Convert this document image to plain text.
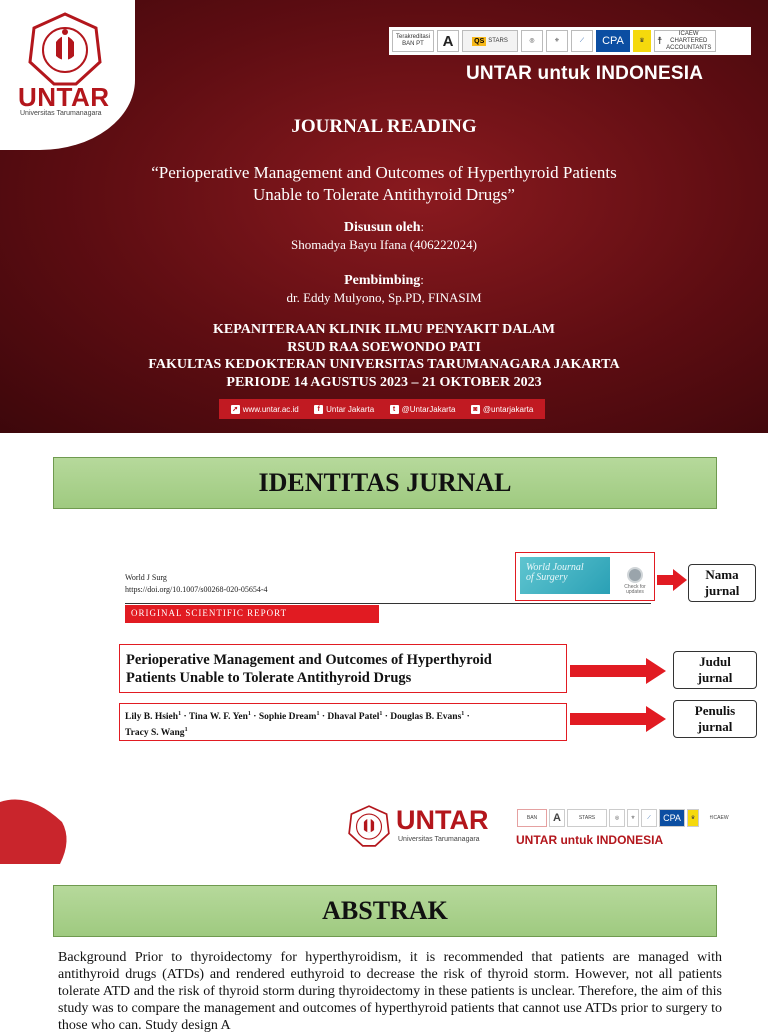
UNTAR
Universitas Tarumanagara
Terakreditasi BAN PT	A	QS STARS	◎	⚜	⟋	CPA	♛	☨
ICAEW CHARTERED ACCOUNTANTS
UNTAR untuk INDONESIA
JOURNAL READING
“Perioperative Management and Outcomes of Hyperthyroid Patients
Unable to Tolerate Antithyroid Drugs”
Disusun oleh:
Shomadya Bayu Ifana (406222024)
Pembimbing:
dr. Eddy Mulyono, Sp.PD, FINASIM
KEPANITERAAN KLINIK ILMU PENYAKIT DALAM
RSUD RAA SOEWONDO PATI
FAKULTAS KEDOKTERAN UNIVERSITAS TARUMANAGARA JAKARTA
PERIODE 14 AGUSTUS 2023 – 21 OKTOBER 2023
➚ www.untar.ac.id	f Untar Jakarta	t @UntarJakarta	◙ @untarjakarta
IDENTITAS JURNAL
World J Surg
https://doi.org/10.1007/s00268-020-05654-4
ORIGINAL SCIENTIFIC REPORT
World Journal
of Surgery
Check for updates
Perioperative Management and Outcomes of Hyperthyroid
Patients Unable to Tolerate Antithyroid Drugs
Lily B. Hsieh$^1$ · Tina W. F. Yen$^1$ · Sophie Dream$^1$ · Dhaval Patel$^1$ · Douglas B. Evans$^1$ ·
Tracy S. Wang$^1$
Nama
jurnal
Judul
jurnal
Penulis
jurnal
UNTAR
Universitas Tarumanagara
BAN	A	STARS	◎	⚜	⟋	CPA	♛	☨ICAEW
UNTAR untuk INDONESIA
ABSTRAK
Background Prior to thyroidectomy for hyperthyroidism, it is recommended that patients are managed with antithyroid drugs (ATDs) and rendered euthyroid to decrease the risk of thyroid storm. However, not all patients tolerate ATD and the risk of thyroid storm during thyroidectomy in these patients is unclear. Therefore, the aim of this study was to compare the management and outcomes of hyperthyroid patients that cannot use ATDs prior to surgery to those who can. Study design A
